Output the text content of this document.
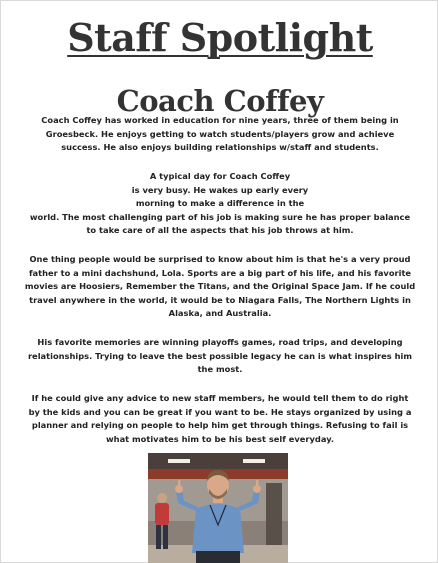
Staff Spotlight
Coach Coffey
Coach Coffey has worked in education for nine years, three of them being in
Groesbeck. He enjoys getting to watch students/players grow and achieve
success. He also enjoys building relationships w/staff and students.
A typical day for Coach Coffey
is very busy. He wakes up early every
morning to make a difference in the
world. The most challenging part of his job is making sure he has proper balance
to take care of all the aspects that his job throws at him.
One thing people would be surprised to know about him is that he's a very proud
father to a mini dachshund, Lola. Sports are a big part of his life, and his favorite
movies are Hoosiers, Remember the Titans, and the Original Space Jam. If he could
travel anywhere in the world, it would be to Niagara Falls, The Northern Lights in
Alaska, and Australia.
His favorite memories are winning playoffs games, road trips, and developing
relationships. Trying to leave the best possible legacy he can is what inspires him
the most.
If he could give any advice to new staff members, he would tell them to do right
by the kids and you can be great if you want to be. He stays organized by using a
planner and relying on people to help him get through things. Refusing to fail is
what motivates him to be his best self everyday.
